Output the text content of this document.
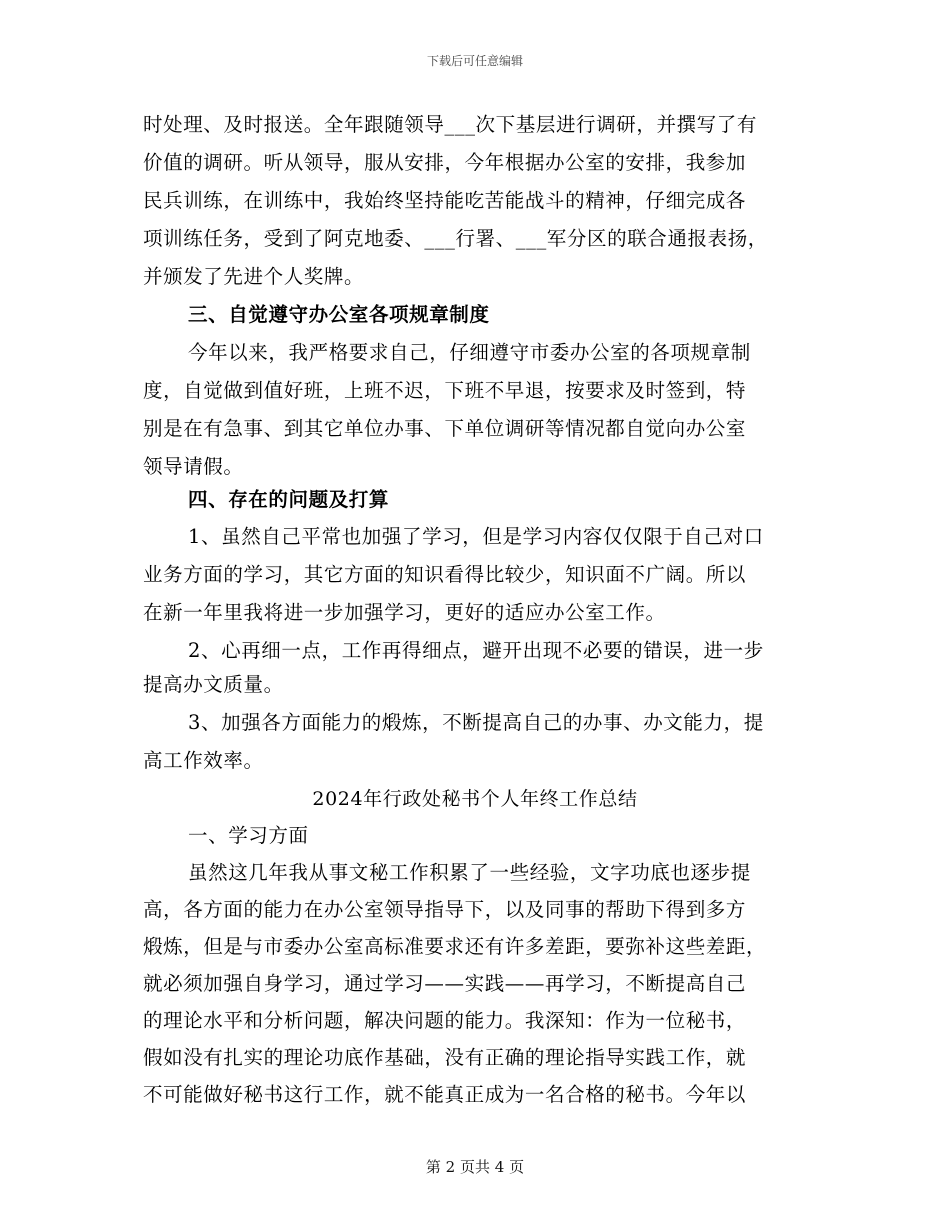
下载后可任意编辑
时处理、及时报送。全年跟随领导___次下基层进行调研，并撰写了有
价值的调研。听从领导，服从安排，今年根据办公室的安排，我参加
民兵训练，在训练中，我始终坚持能吃苦能战斗的精神，仔细完成各
项训练任务，受到了阿克地委、___行署、___军分区的联合通报表扬，
并颁发了先进个人奖牌。
三、自觉遵守办公室各项规章制度
今年以来，我严格要求自己，仔细遵守市委办公室的各项规章制
度，自觉做到值好班，上班不迟，下班不早退，按要求及时签到，特
别是在有急事、到其它单位办事、下单位调研等情况都自觉向办公室
领导请假。
四、存在的问题及打算
1、虽然自己平常也加强了学习，但是学习内容仅仅限于自己对口
业务方面的学习，其它方面的知识看得比较少，知识面不广阔。所以
在新一年里我将进一步加强学习，更好的适应办公室工作。
2、心再细一点，工作再得细点，避开出现不必要的错误，进一步
提高办文质量。
3、加强各方面能力的煅炼，不断提高自己的办事、办文能力，提
高工作效率。
2024年行政处秘书个人年终工作总结
一、学习方面
虽然这几年我从事文秘工作积累了一些经验，文字功底也逐步提
高，各方面的能力在办公室领导指导下，以及同事的帮助下得到多方
煅炼，但是与市委办公室高标准要求还有许多差距，要弥补这些差距，
就必须加强自身学习，通过学习——实践——再学习，不断提高自己
的理论水平和分析问题，解决问题的能力。我深知：作为一位秘书，
假如没有扎实的理论功底作基础，没有正确的理论指导实践工作，就
不可能做好秘书这行工作，就不能真正成为一名合格的秘书。今年以
第 2 页共 4 页
